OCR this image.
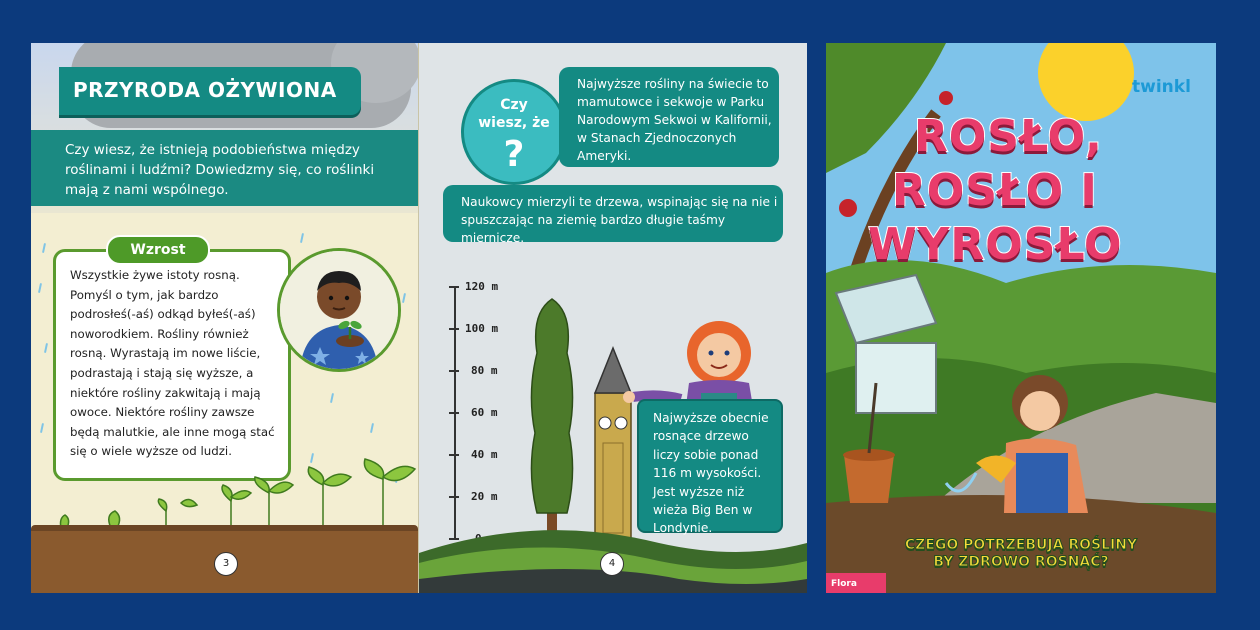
PRZYRODA OŻYWIONA

Czy wiesz, że istnieją podobieństwa między roślinami i ludźmi? Dowiedzmy się, co roślinki mają z nami wspólnego.

Wszystkie żywe istoty rosną. Pomyśl o tym, jak bardzo podrosłeś(-aś) odkąd byłeś(-aś) noworodkiem. Rośliny również rosną. Wyrastają im nowe liście, podrastają i stają się wyższe, a niektóre rośliny zakwitają i mają owoce. Niektóre rośliny zawsze będą malutkie, ale inne mogą stać się o wiele wyższe od ludzi.

Wzrost
3
Czy
wiesz, że
?

Najwyższe rośliny na świecie to mamutowce i sekwoje w Parku Narodowym Sekwoi w Kalifornii, w Stanach Zjednoczonych Ameryki.

Naukowcy mierzyli te drzewa, wspinając się na nie i spuszczając na ziemię bardzo długie taśmy miernicze.

120 m
100 m
80 m
60 m
40 m
20 m

Najwyższe obecnie rosnące drzewo liczy sobie ponad 116 m wysokości. Jest wyższe niż wieża Big Ben w Londynie.

4
twinkl
ROSŁO,
ROSŁO I
WYROSŁO
CZEGO POTRZEBUJĄ ROŚLINY
BY ZDROWO ROSNĄĆ?
Flora
